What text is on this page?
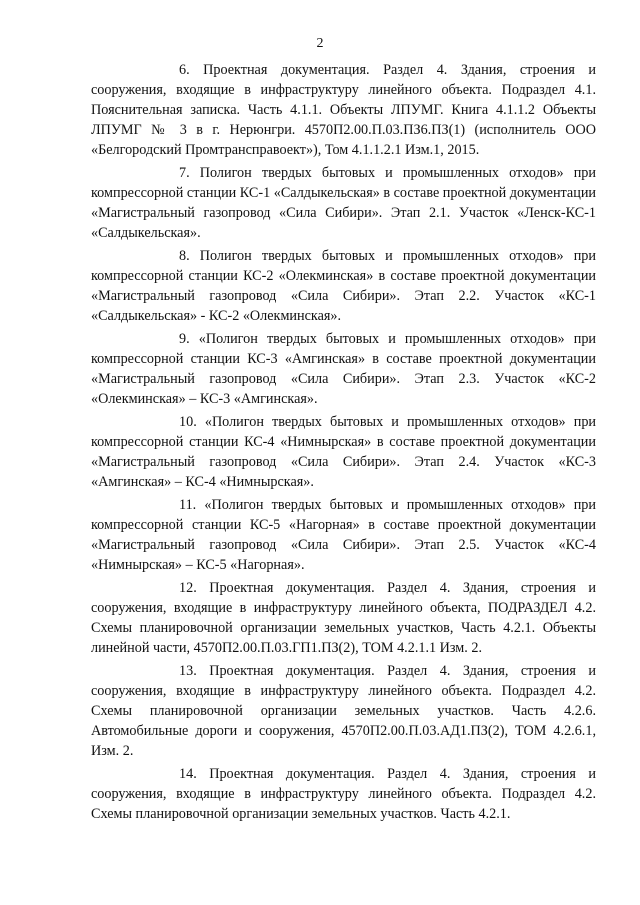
2

6. Проектная документация. Раздел 4. Здания, строения и сооружения, входящие в инфраструктуру линейного объекта. Подраздел 4.1. Пояснительная записка. Часть 4.1.1. Объекты ЛПУМГ. Книга 4.1.1.2 Объекты ЛПУМГ № 3 в г. Нерюнгри. 4570П2.00.П.03.ПЗ6.ПЗ(1) (исполнитель ООО «Белгородский Промтрансправоект»), Том 4.1.1.2.1 Изм.1, 2015.

7. Полигон твердых бытовых и промышленных отходов» при компрессорной станции КС-1 «Салдыкельская» в составе проектной документации «Магистральный газопровод «Сила Сибири». Этап 2.1. Участок «Ленск-КС-1 «Салдыкельская».

8. Полигон твердых бытовых и промышленных отходов» при компрессорной станции КС-2 «Олекминская» в составе проектной документации «Магистральный газопровод «Сила Сибири». Этап 2.2. Участок «КС-1 «Салдыкельская» - КС-2 «Олекминская».

9. «Полигон твердых бытовых и промышленных отходов» при компрессорной станции КС-3 «Амгинская» в составе проектной документации «Магистральный газопровод «Сила Сибири». Этап 2.3. Участок «КС-2 «Олекминская» – КС-3 «Амгинская».

10. «Полигон твердых бытовых и промышленных отходов» при компрессорной станции КС-4 «Нимнырская» в составе проектной документации «Магистральный газопровод «Сила Сибири». Этап 2.4. Участок «КС-3 «Амгинская» – КС-4 «Нимнырская».

11. «Полигон твердых бытовых и промышленных отходов» при компрессорной станции КС-5 «Нагорная» в составе проектной документации «Магистральный газопровод «Сила Сибири». Этап 2.5. Участок «КС-4 «Нимнырская» – КС-5 «Нагорная».

12. Проектная документация. Раздел 4. Здания, строения и сооружения, входящие в инфраструктуру линейного объекта, ПОДРАЗДЕЛ 4.2. Схемы планировочной организации земельных участков, Часть 4.2.1. Объекты линейной части, 4570П2.00.П.03.ГП1.ПЗ(2), ТОМ 4.2.1.1 Изм. 2.

13. Проектная документация. Раздел 4. Здания, строения и сооружения, входящие в инфраструктуру линейного объекта. Подраздел 4.2. Схемы планировочной организации земельных участков. Часть 4.2.6. Автомобильные дороги и сооружения, 4570П2.00.П.03.АД1.ПЗ(2), ТОМ 4.2.6.1, Изм. 2.

14. Проектная документация. Раздел 4. Здания, строения и сооружения, входящие в инфраструктуру линейного объекта. Подраздел 4.2. Схемы планировочной организации земельных участков. Часть 4.2.1.
